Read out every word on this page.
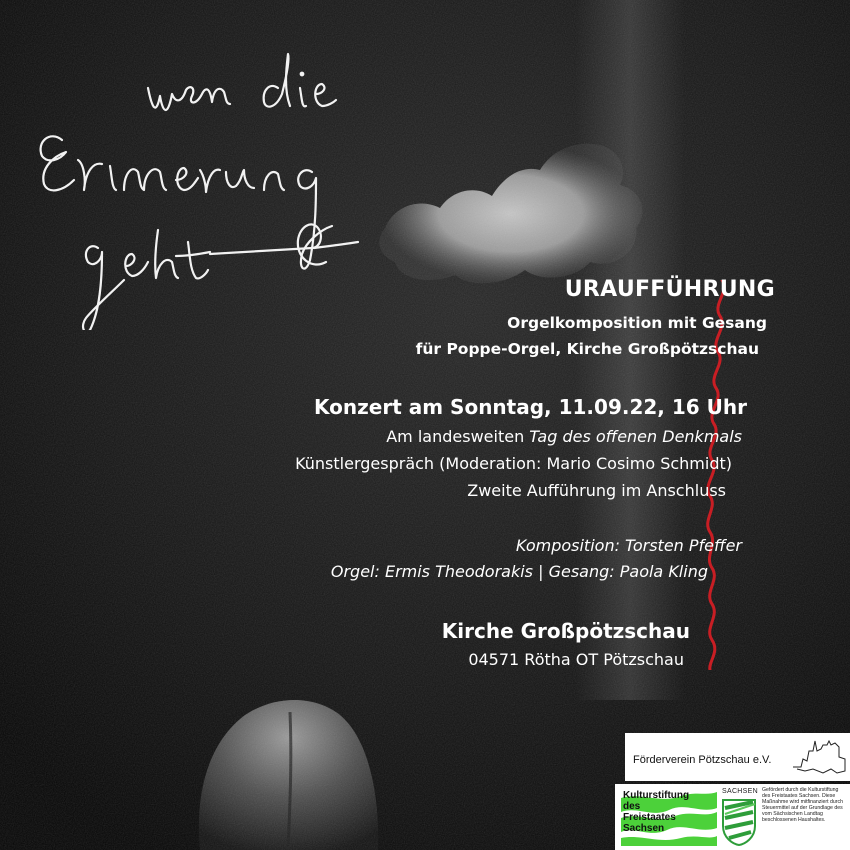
URAUFFÜHRUNG
Orgelkomposition mit Gesang
für Poppe-Orgel, Kirche Großpötzschau
Konzert am Sonntag, 11.09.22, 16 Uhr
Am landesweiten Tag des offenen Denkmals
Künstlergespräch (Moderation: Mario Cosimo Schmidt)
Zweite Aufführung im Anschluss
Komposition: Torsten Pfeffer
Orgel: Ermis Theodorakis | Gesang: Paola Kling
Kirche Großpötzschau
04571 Rötha OT Pötzschau
Förderverein Pötzschau e.V.
Kulturstiftung
des
Freistaates
Sachsen
SACHSEN Gefördert durch die Kulturstiftung des Freistaates Sachsen. Diese Maßnahme wird mitfinanziert durch Steuermittel auf der Grundlage des vom Sächsischen Landtag beschlossenen Haushaltes.
